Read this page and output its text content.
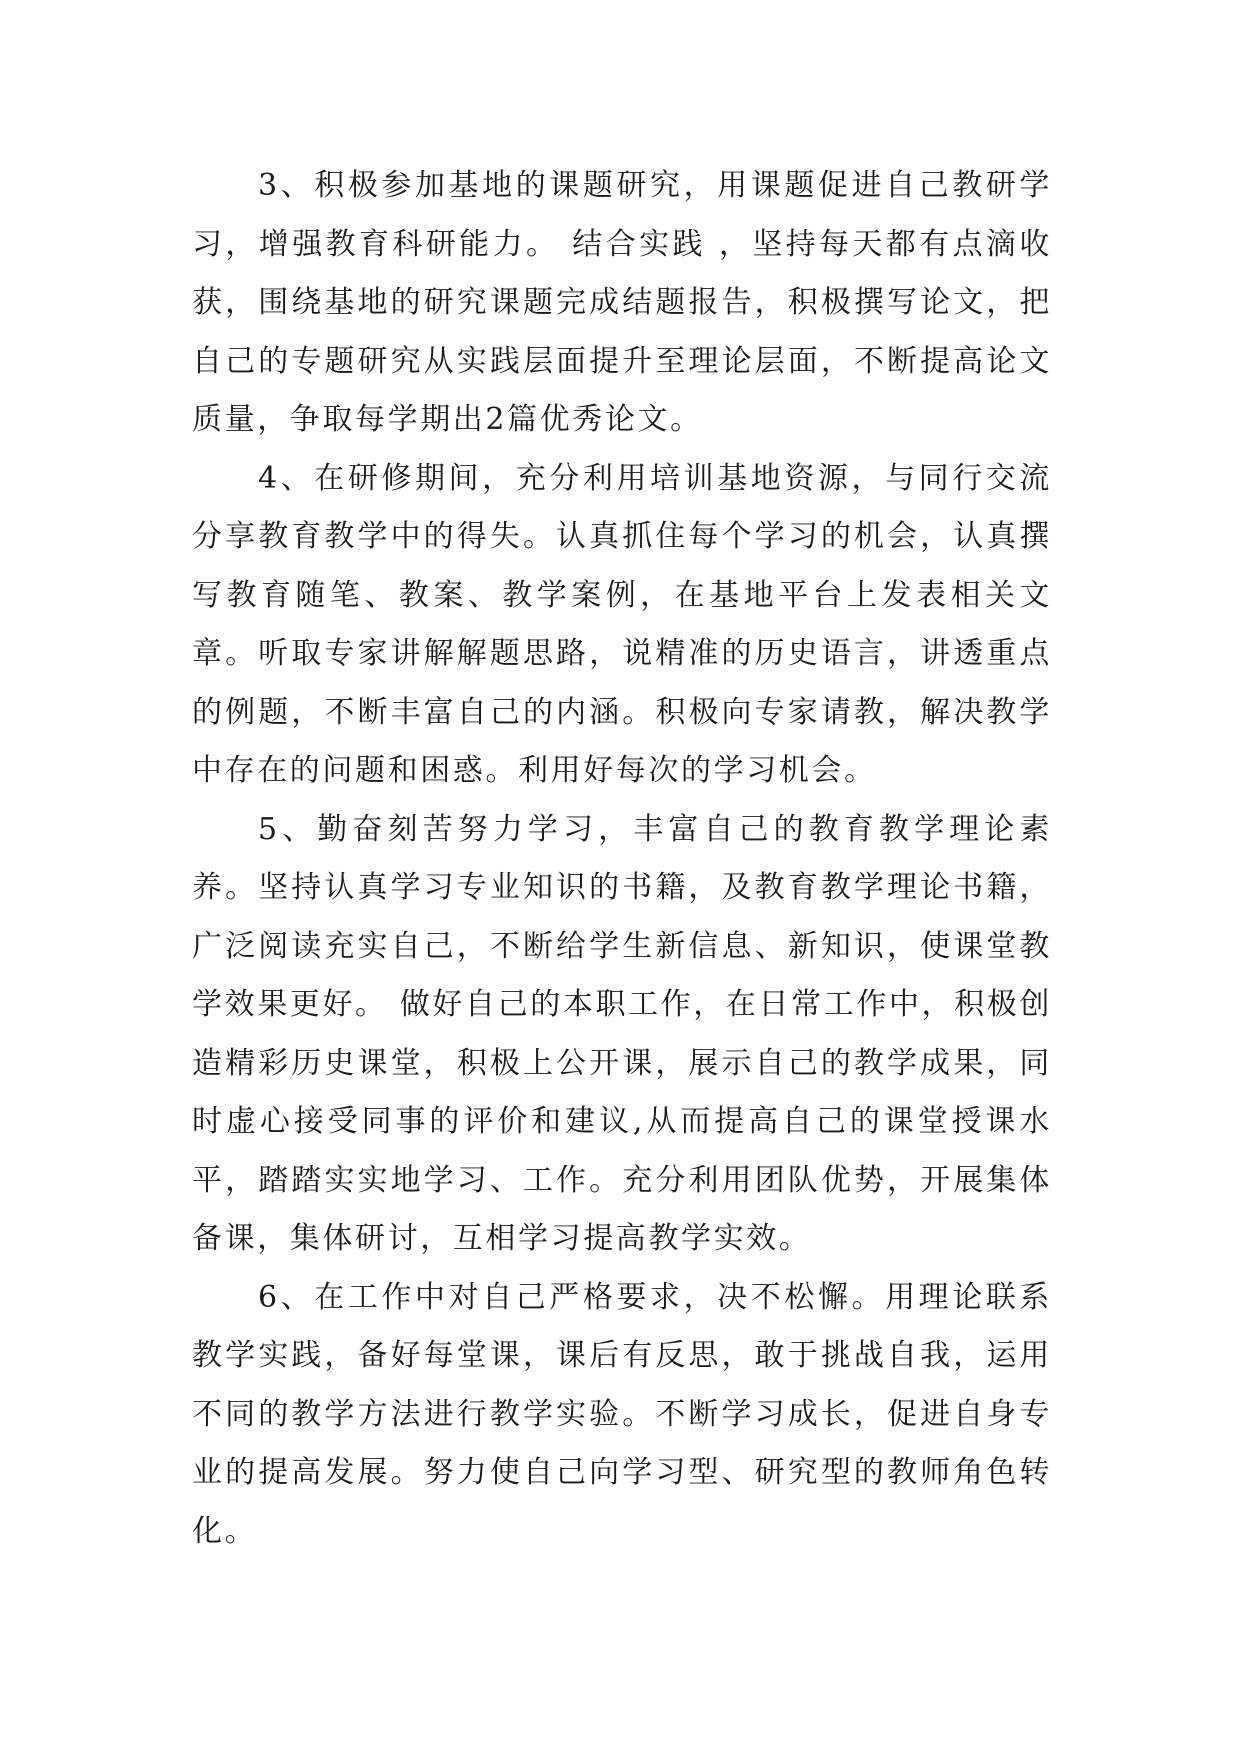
3、积极参加基地的课题研究，用课题促进自己教研学习，增强教育科研能力。 结合实践 ，坚持每天都有点滴收获，围绕基地的研究课题完成结题报告，积极撰写论文，把自己的专题研究从实践层面提升至理论层面，不断提高论文质量，争取每学期出2篇优秀论文。

4、在研修期间，充分利用培训基地资源，与同行交流分享教育教学中的得失。认真抓住每个学习的机会，认真撰写教育随笔、教案、教学案例，在基地平台上发表相关文章。听取专家讲解解题思路，说精准的历史语言，讲透重点的例题，不断丰富自己的内涵。积极向专家请教，解决教学中存在的问题和困惑。利用好每次的学习机会。

5、勤奋刻苦努力学习，丰富自己的教育教学理论素养。坚持认真学习专业知识的书籍，及教育教学理论书籍，广泛阅读充实自己，不断给学生新信息、新知识，使课堂教学效果更好。 做好自己的本职工作，在日常工作中，积极创造精彩历史课堂，积极上公开课，展示自己的教学成果，同时虚心接受同事的评价和建议,从而提高自己的课堂授课水平，踏踏实实地学习、工作。充分利用团队优势，开展集体备课，集体研讨，互相学习提高教学实效。

6、在工作中对自己严格要求，决不松懈。用理论联系教学实践，备好每堂课，课后有反思，敢于挑战自我，运用不同的教学方法进行教学实验。不断学习成长，促进自身专业的提高发展。努力使自己向学习型、研究型的教师角色转化。
